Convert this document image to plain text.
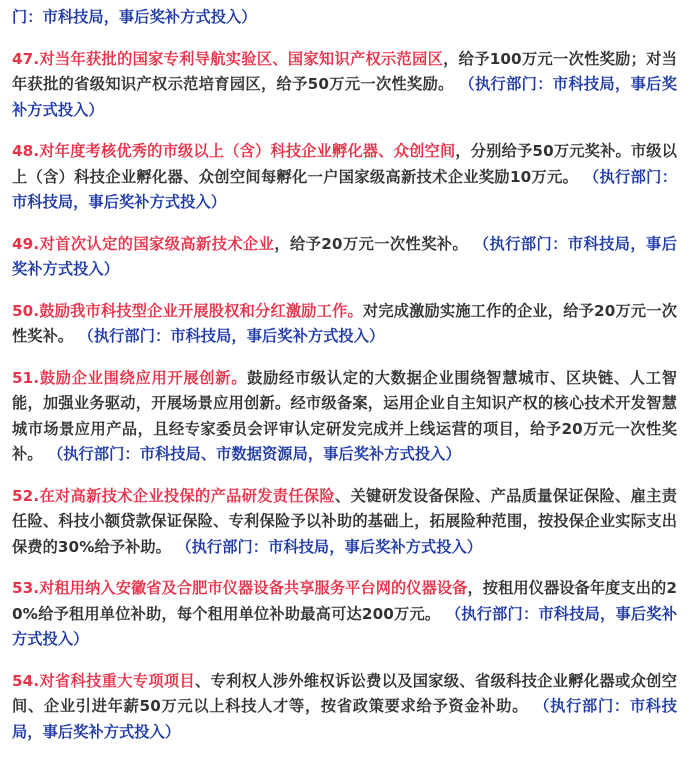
门：市科技局，事后奖补方式投入）

47.对当年获批的国家专利导航实验区、国家知识产权示范园区，给予100万元一次性奖励；对当年获批的省级知识产权示范培育园区，给予50万元一次性奖励。 （执行部门：市科技局，事后奖补方式投入）

48.对年度考核优秀的市级以上（含）科技企业孵化器、众创空间，分别给予50万元奖补。市级以上（含）科技企业孵化器、众创空间每孵化一户国家级高新技术企业奖励10万元。 （执行部门：市科技局，事后奖补方式投入）

49.对首次认定的国家级高新技术企业，给予20万元一次性奖补。 （执行部门：市科技局，事后奖补方式投入）

50.鼓励我市科技型企业开展股权和分红激励工作。对完成激励实施工作的企业，给予20万元一次性奖补。 （执行部门：市科技局，事后奖补方式投入）

51.鼓励企业围绕应用开展创新。鼓励经市级认定的大数据企业围绕智慧城市、区块链、人工智能，加强业务驱动，开展场景应用创新。经市级备案，运用企业自主知识产权的核心技术开发智慧城市场景应用产品，且经专家委员会评审认定研发完成并上线运营的项目，给予20万元一次性奖补。 （执行部门：市科技局、市数据资源局，事后奖补方式投入）

52.在对高新技术企业投保的产品研发责任保险、关键研发设备保险、产品质量保证保险、雇主责任险、科技小额贷款保证保险、专利保险予以补助的基础上，拓展险种范围，按投保企业实际支出保费的30%给予补助。 （执行部门：市科技局，事后奖补方式投入）

53.对租用纳入安徽省及合肥市仪器设备共享服务平台网的仪器设备，按租用仪器设备年度支出的20%给予租用单位补助，每个租用单位补助最高可达200万元。 （执行部门：市科技局，事后奖补方式投入）

54.对省科技重大专项项目、专利权人涉外维权诉讼费以及国家级、省级科技企业孵化器或众创空间、企业引进年薪50万元以上科技人才等，按省政策要求给予资金补助。 （执行部门：市科技局，事后奖补方式投入）
